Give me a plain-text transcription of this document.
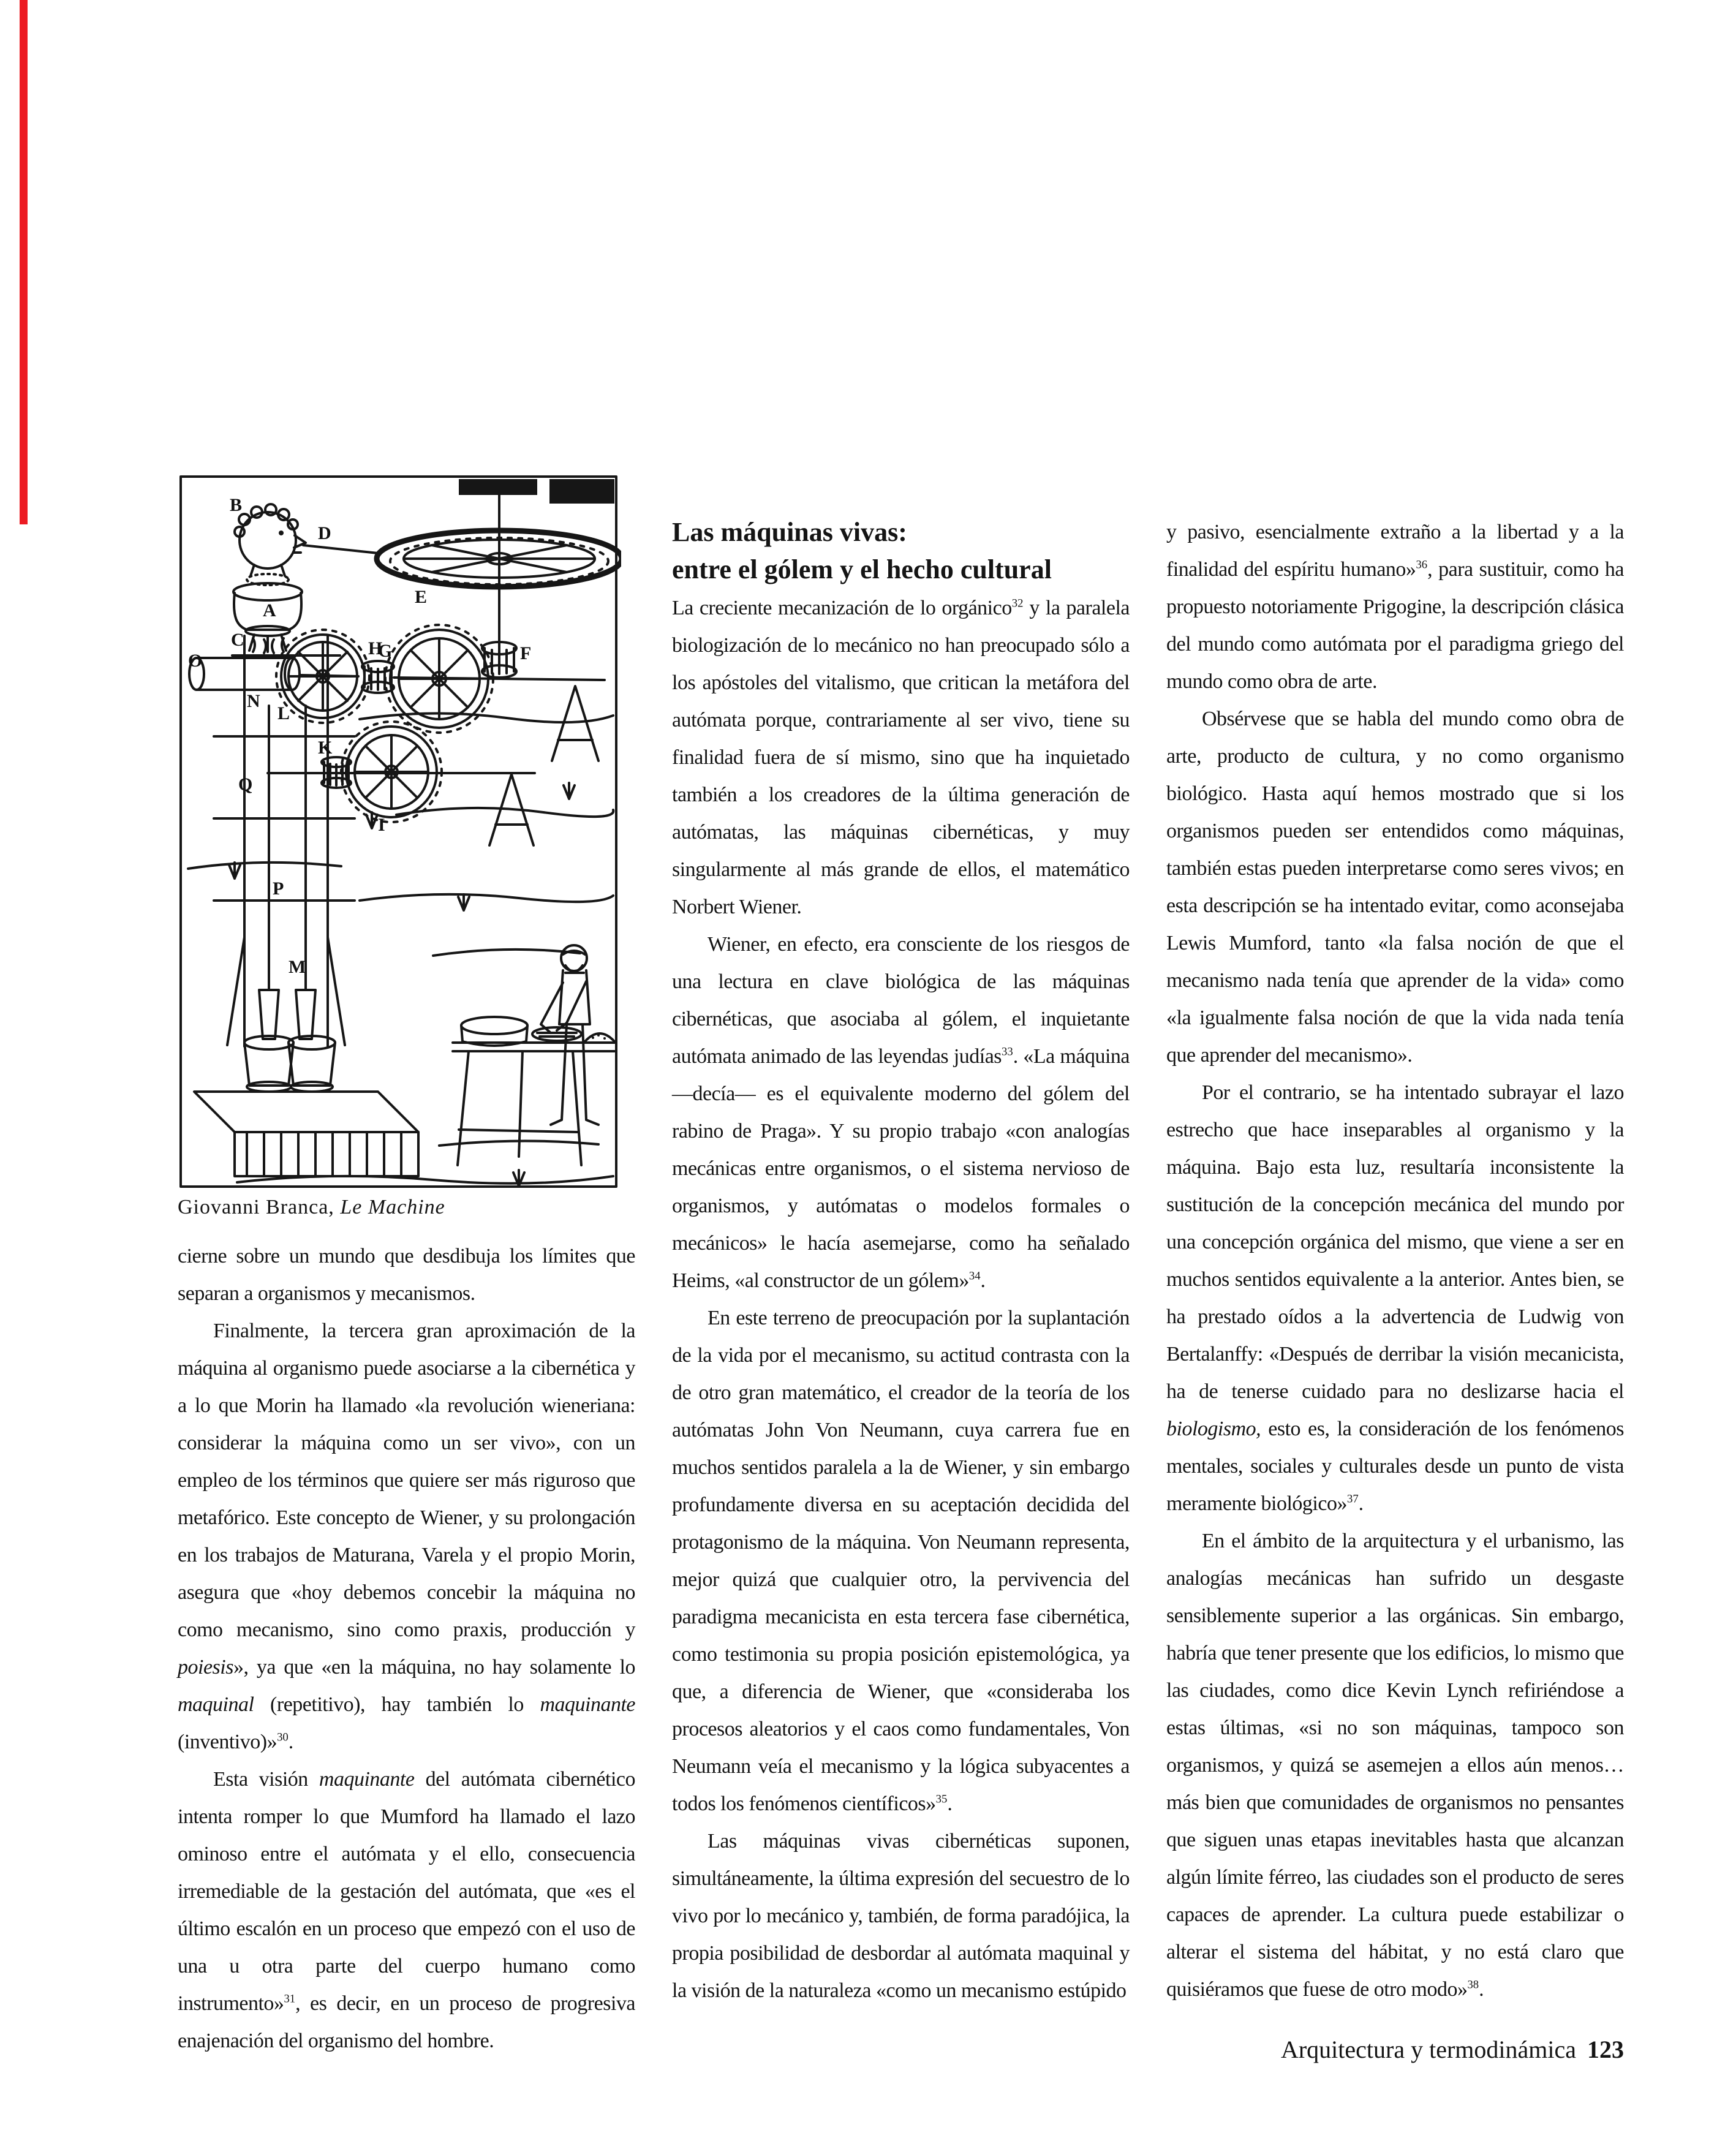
B
D
E
G	F
H
L
N
O
K
I
Q
P
M
A
C
Giovanni Branca, Le Machine

cierne sobre un mundo que desdibuja los límites que separan a organismos y mecanismos.

Finalmente, la tercera gran aproximación de la máquina al organismo puede asociarse a la cibernética y a lo que Morin ha llamado «la revolución wieneriana: considerar la máquina como un ser vivo», con un empleo de los términos que quiere ser más riguroso que metafórico. Este concepto de Wiener, y su prolongación en los trabajos de Maturana, Varela y el propio Morin, asegura que «hoy debemos concebir la máquina no como mecanismo, sino como praxis, producción y poiesis», ya que «en la máquina, no hay solamente lo maquinal (repetitivo), hay también lo maquinante (inventivo)»$^{30}$.

Esta visión maquinante del autómata cibernético intenta romper lo que Mumford ha llamado el lazo ominoso entre el autómata y el ello, consecuencia irremediable de la gestación del autómata, que «es el último escalón en un proceso que empezó con el uso de una u otra parte del cuerpo humano como instrumento»$^{31}$, es decir, en un proceso de progresiva enajenación del organismo del hombre.

Las máquinas vivas:
entre el gólem y el hecho cultural

La creciente mecanización de lo orgánico$^{32}$ y la paralela biologización de lo mecánico no han preocupado sólo a los apóstoles del vitalismo, que critican la metáfora del autómata porque, contrariamente al ser vivo, tiene su finalidad fuera de sí mismo, sino que ha inquietado también a los creadores de la última generación de autómatas, las máquinas cibernéticas, y muy singularmente al más grande de ellos, el matemático Norbert Wiener.

Wiener, en efecto, era consciente de los riesgos de una lectura en clave biológica de las máquinas cibernéticas, que asociaba al gólem, el inquietante autómata animado de las leyendas judías$^{33}$. «La máquina —decía— es el equivalente moderno del gólem del rabino de Praga». Y su propio trabajo «con analogías mecánicas entre organismos, o el sistema nervioso de organismos, y autómatas o modelos formales o mecánicos» le hacía asemejarse, como ha señalado Heims, «al constructor de un gólem»$^{34}$.

En este terreno de preocupación por la suplantación de la vida por el mecanismo, su actitud contrasta con la de otro gran matemático, el creador de la teoría de los autómatas John Von Neumann, cuya carrera fue en muchos sentidos paralela a la de Wiener, y sin embargo profundamente diversa en su aceptación decidida del protagonismo de la máquina. Von Neumann representa, mejor quizá que cualquier otro, la pervivencia del paradigma mecanicista en esta tercera fase cibernética, como testimonia su propia posición epistemológica, ya que, a diferencia de Wiener, que «consideraba los procesos aleatorios y el caos como fundamentales, Von Neumann veía el mecanismo y la lógica subyacentes a todos los fenómenos científicos»$^{35}$.

Las máquinas vivas cibernéticas suponen, simultáneamente, la última expresión del secuestro de lo vivo por lo mecánico y, también, de forma paradójica, la propia posibilidad de desbordar al autómata maquinal y la visión de la naturaleza «como un mecanismo estúpido

y pasivo, esencialmente extraño a la libertad y a la finalidad del espíritu humano»$^{36}$, para sustituir, como ha propuesto notoriamente Prigogine, la descripción clásica del mundo como autómata por el paradigma griego del mundo como obra de arte.

Obsérvese que se habla del mundo como obra de arte, producto de cultura, y no como organismo biológico. Hasta aquí hemos mostrado que si los organismos pueden ser entendidos como máquinas, también estas pueden interpretarse como seres vivos; en esta descripción se ha intentado evitar, como aconsejaba Lewis Mumford, tanto «la falsa noción de que el mecanismo nada tenía que aprender de la vida» como «la igualmente falsa noción de que la vida nada tenía que aprender del mecanismo».

Por el contrario, se ha intentado subrayar el lazo estrecho que hace inseparables al organismo y la máquina. Bajo esta luz, resultaría inconsistente la sustitución de la concepción mecánica del mundo por una concepción orgánica del mismo, que viene a ser en muchos sentidos equivalente a la anterior. Antes bien, se ha prestado oídos a la advertencia de Ludwig von Bertalanffy: «Después de derribar la visión mecanicista, ha de tenerse cuidado para no deslizarse hacia el biologismo, esto es, la consideración de los fenómenos mentales, sociales y culturales desde un punto de vista meramente biológico»$^{37}$.

En el ámbito de la arquitectura y el urbanismo, las analogías mecánicas han sufrido un desgaste sensiblemente superior a las orgánicas. Sin embargo, habría que tener presente que los edificios, lo mismo que las ciudades, como dice Kevin Lynch refiriéndose a estas últimas, «si no son máquinas, tampoco son organismos, y quizá se asemejen a ellos aún menos… más bien que comunidades de organismos no pensantes que siguen unas etapas inevitables hasta que alcanzan algún límite férreo, las ciudades son el producto de seres capaces de aprender. La cultura puede estabilizar o alterar el sistema del hábitat, y no está claro que quisiéramos que fuese de otro modo»$^{38}$.

Arquitectura y termodinámica 123
